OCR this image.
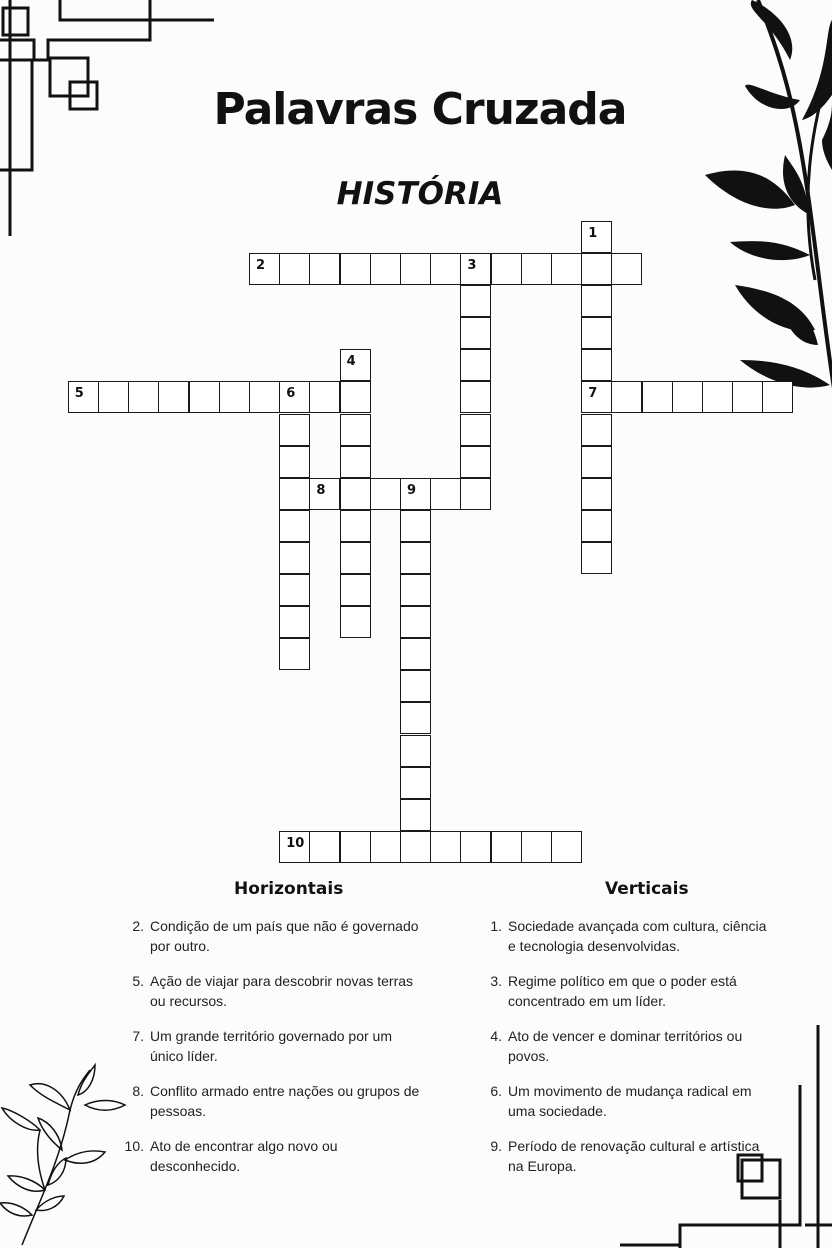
Palavras Cruzada
HISTÓRIA
2	3
1
7
5	6
4
8	9
10
Horizontais	Verticais
2. Condição de um país que não é governado por outro.
5. Ação de viajar para descobrir novas terras ou recursos.
7. Um grande território governado por um único líder.
8. Conflito armado entre nações ou grupos de pessoas.
10. Ato de encontrar algo novo ou desconhecido.
1. Sociedade avançada com cultura, ciência e tecnologia desenvolvidas.
3. Regime político em que o poder está concentrado em um líder.
4. Ato de vencer e dominar territórios ou povos.
6. Um movimento de mudança radical em uma sociedade.
9. Período de renovação cultural e artística na Europa.
